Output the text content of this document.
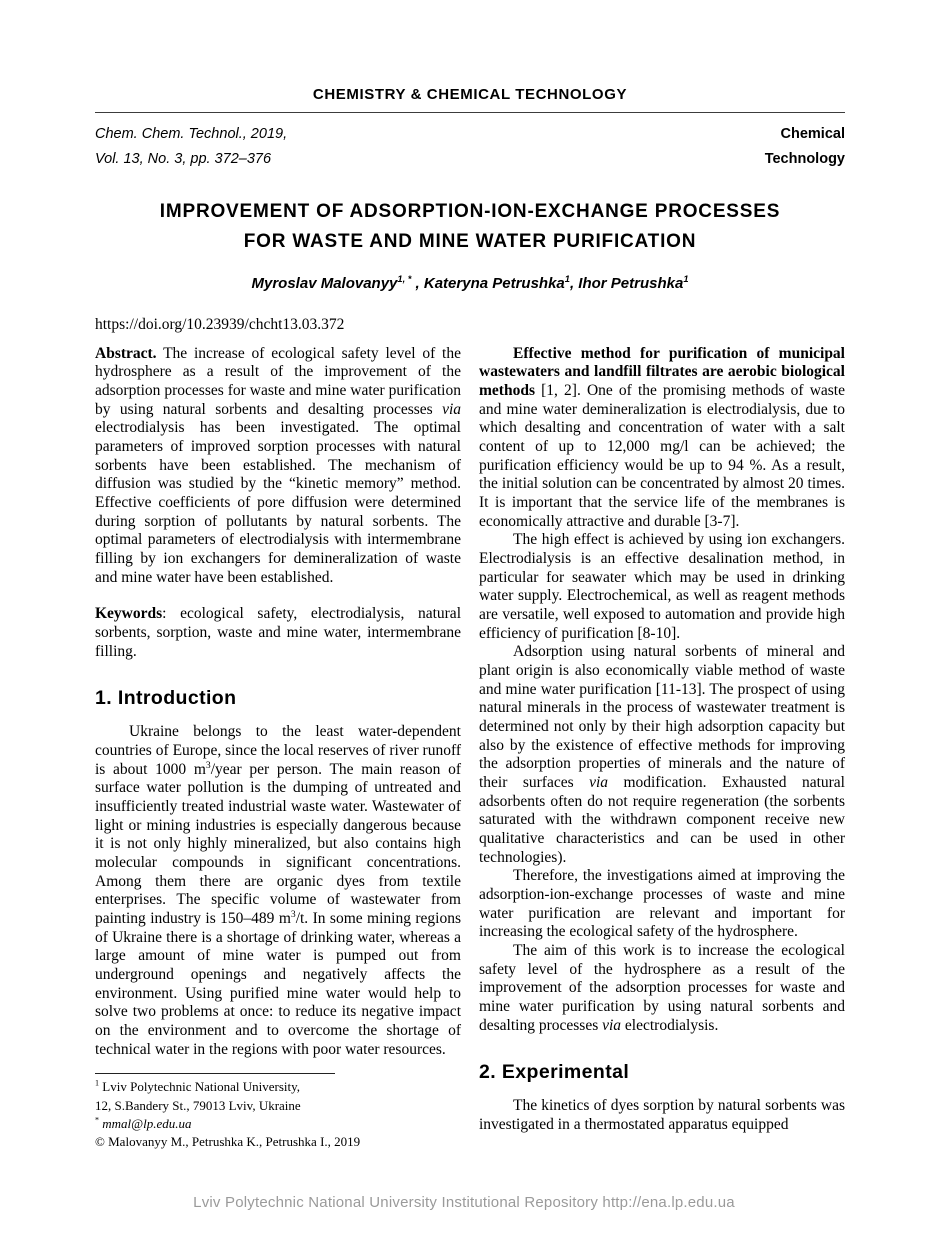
CHEMISTRY & CHEMICAL TECHNOLOGY
Chem. Chem. Technol., 2019,
Vol. 13, No. 3, pp. 372–376
Chemical
Technology
IMPROVEMENT OF ADSORPTION-ION-EXCHANGE PROCESSES
FOR WASTE AND MINE WATER PURIFICATION
Myroslav Malovanyy$^{1, *}$ , Kateryna Petrushka$^1$, Ihor Petrushka$^1$
https://doi.org/10.23939/chcht13.03.372

Abstract. The increase of ecological safety level of the hydrosphere as a result of the improvement of the adsorption processes for waste and mine water purification by using natural sorbents and desalting processes via electrodialysis has been investigated. The optimal parameters of improved sorption processes with natural sorbents have been established. The mechanism of diffusion was studied by the “kinetic memory” method. Effective coefficients of pore diffusion were determined during sorption of pollutants by natural sorbents. The optimal parameters of electrodialysis with intermembrane filling by ion exchangers for demineralization of waste and mine water have been established.

Keywords: ecological safety, electrodialysis, natural sorbents, sorption, waste and mine water, intermembrane filling.

1. Introduction

Ukraine belongs to the least water-dependent countries of Europe, since the local reserves of river runoff is about 1000 $m^3$/year per person. The main reason of surface water pollution is the dumping of untreated and insufficiently treated industrial waste water. Wastewater of light or mining industries is especially dangerous because it is not only highly mineralized, but also contains high molecular compounds in significant concentrations. Among them there are organic dyes from textile enterprises. The specific volume of wastewater from painting industry is 150–489 $m^3/t$. In some mining regions of Ukraine there is a shortage of drinking water, whereas a large amount of mine water is pumped out from underground openings and negatively affects the environment. Using purified mine water would help to solve two problems at once: to reduce its negative impact on the environment and to overcome the shortage of technical water in the regions with poor water resources.

$^1$ Lviv Polytechnic National University,

12, S.Bandery St., 79013 Lviv, Ukraine

* mmal@lp.edu.ua

© Malovanyy M., Petrushka K., Petrushka I., 2019

Effective method for purification of municipal wastewaters and landfill filtrates are aerobic biological methods [1, 2]. One of the promising methods of waste and mine water demineralization is electrodialysis, due to which desalting and concentration of water with a salt content of up to 12,000 mg/l can be achieved; the purification efficiency would be up to 94 %. As a result, the initial solution can be concentrated by almost 20 times. It is important that the service life of the membranes is economically attractive and durable [3-7].

The high effect is achieved by using ion exchangers. Electrodialysis is an effective desalination method, in particular for seawater which may be used in drinking water supply. Electrochemical, as well as reagent methods are versatile, well exposed to automation and provide high efficiency of purification [8-10].

Adsorption using natural sorbents of mineral and plant origin is also economically viable method of waste and mine water purification [11-13]. The prospect of using natural minerals in the process of wastewater treatment is determined not only by their high adsorption capacity but also by the existence of effective methods for improving the adsorption properties of minerals and the nature of their surfaces via modification. Exhausted natural adsorbents often do not require regeneration (the sorbents saturated with the withdrawn component receive new qualitative characteristics and can be used in other technologies).

Therefore, the investigations aimed at improving the adsorption-ion-exchange processes of waste and mine water purification are relevant and important for increasing the ecological safety of the hydrosphere.

The aim of this work is to increase the ecological safety level of the hydrosphere as a result of the improvement of the adsorption processes for waste and mine water purification by using natural sorbents and desalting processes via electrodialysis.

2. Experimental

The kinetics of dyes sorption by natural sorbents was investigated in a thermostated apparatus equipped

Lviv Polytechnic National University Institutional Repository http://ena.lp.edu.ua
